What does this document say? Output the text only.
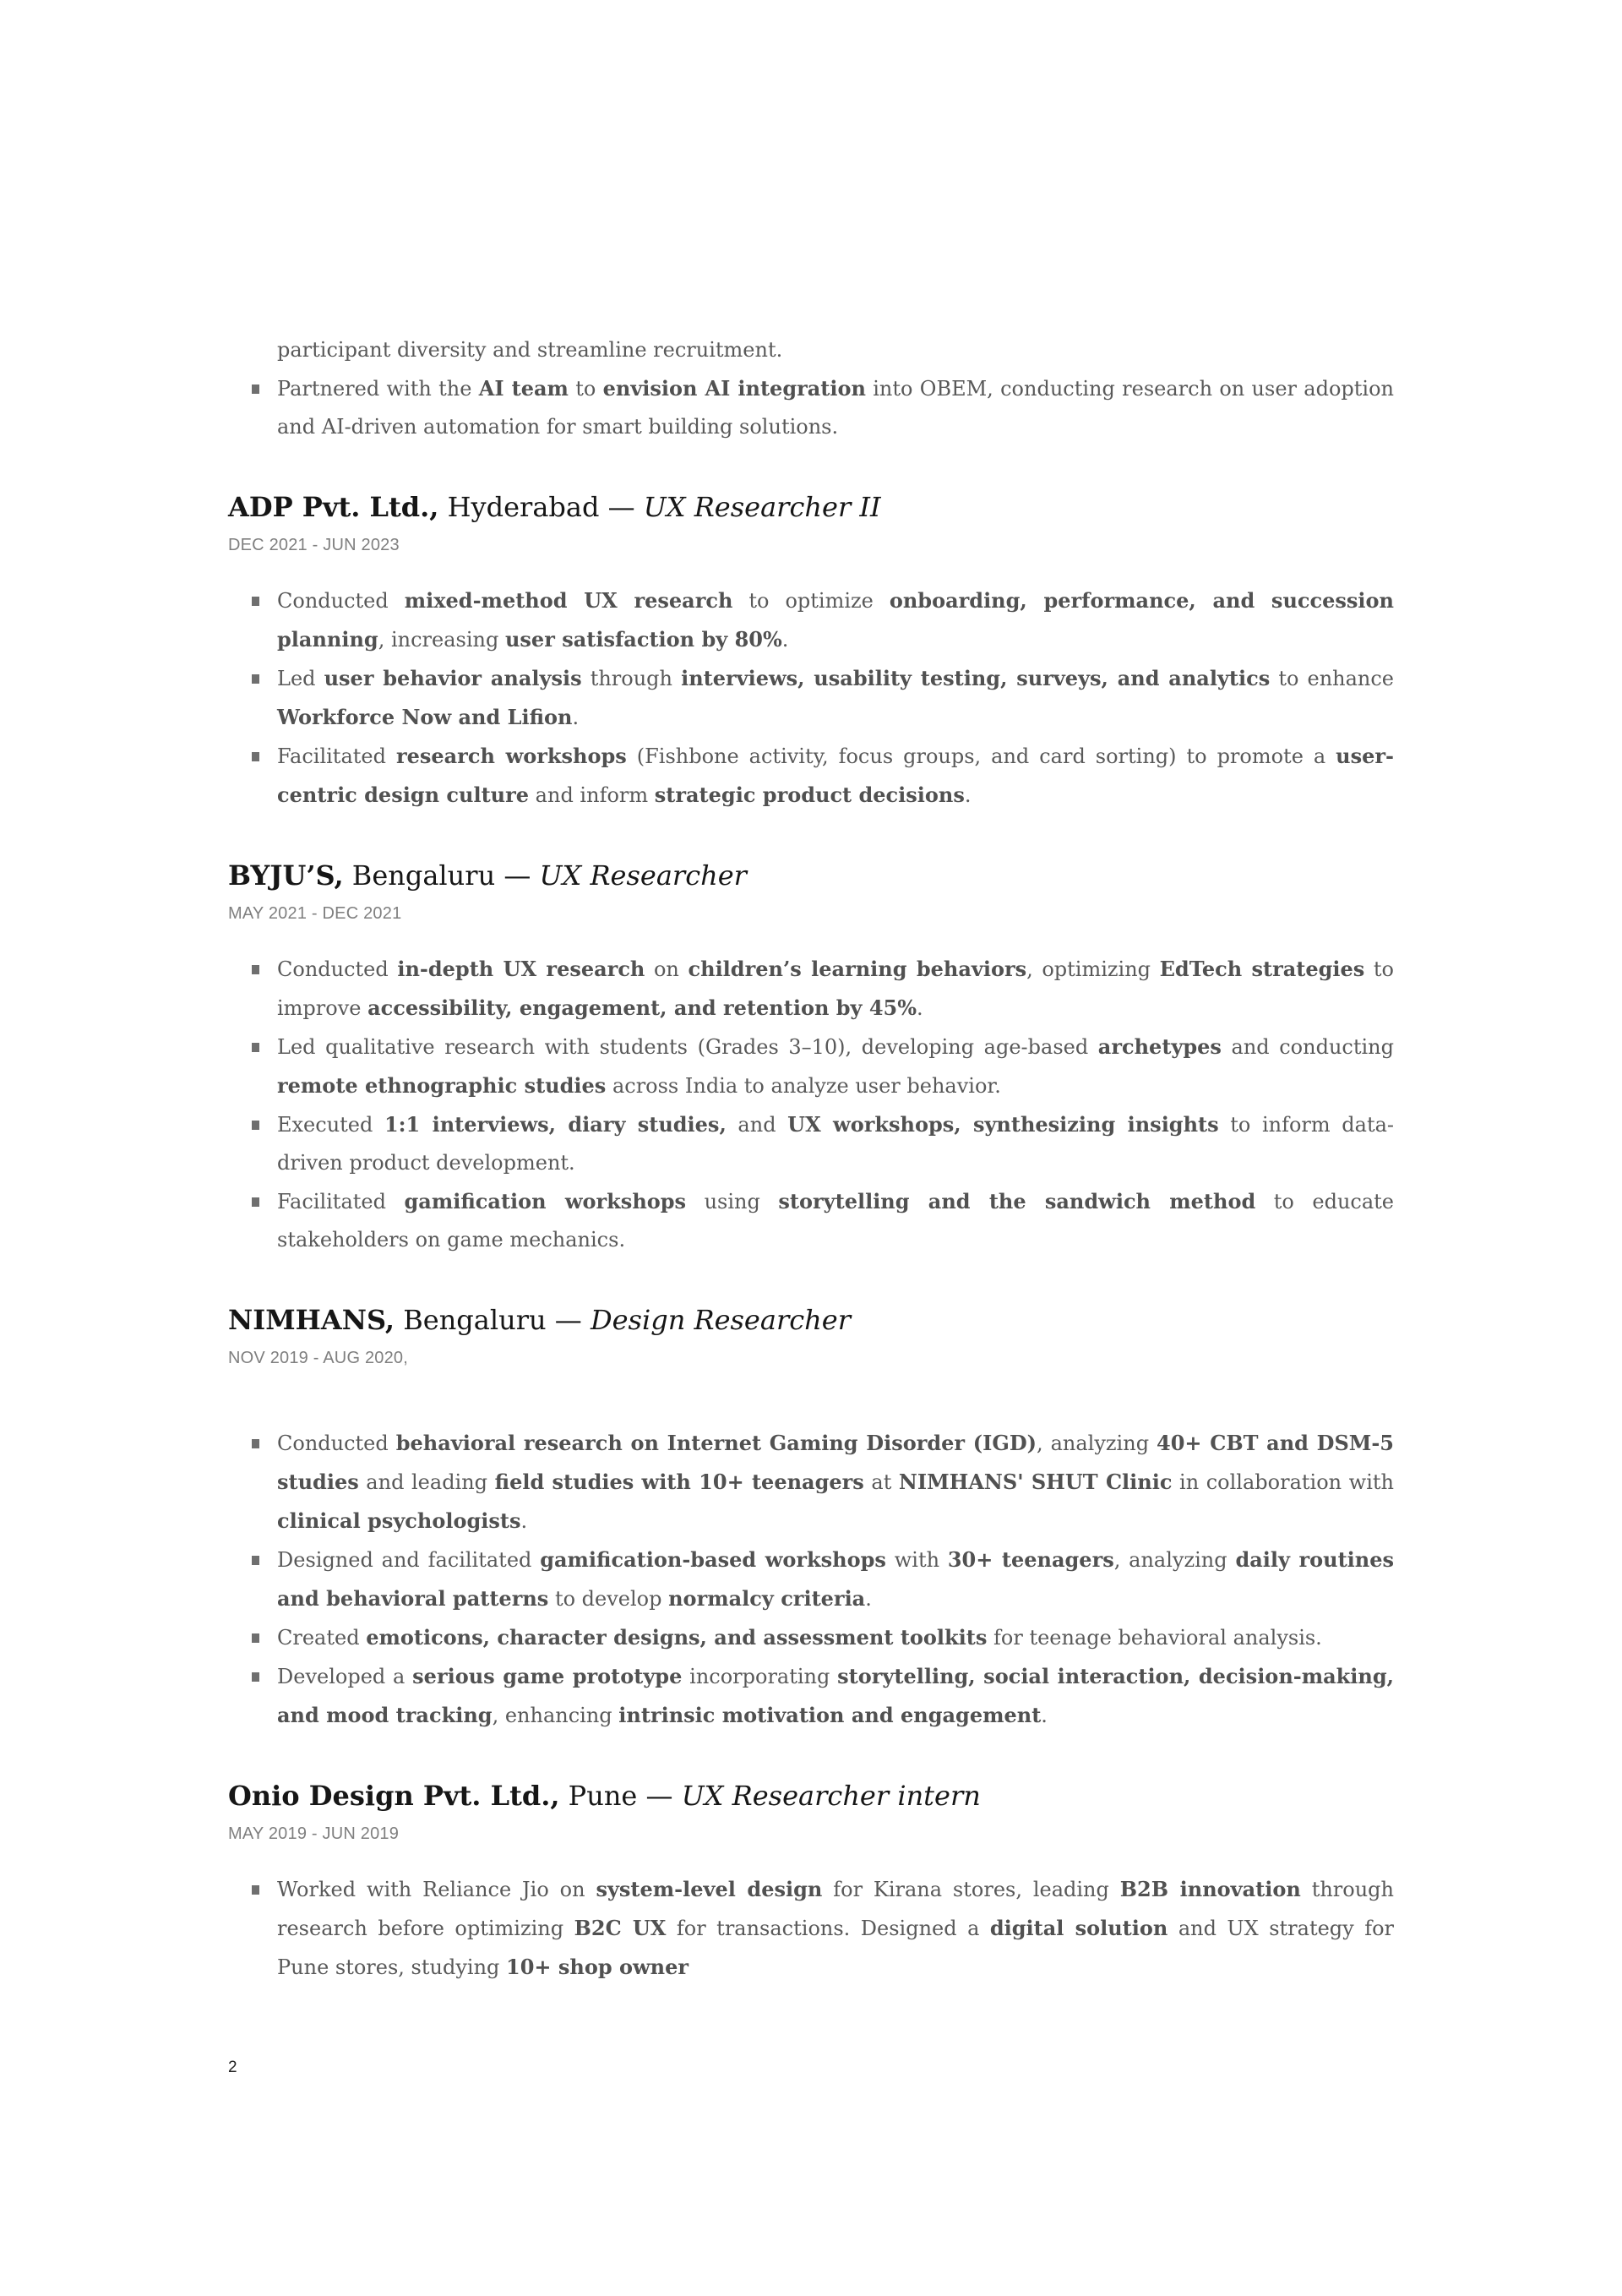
participant diversity and streamline recruitment.

Partnered with the AI team to envision AI integration into OBEM, conducting research on user adoption and AI-driven automation for smart building solutions.
ADP Pvt. Ltd., Hyderabad — UX Researcher II

DEC 2021 - JUN 2023

Conducted mixed-method UX research to optimize onboarding, performance, and succession planning, increasing user satisfaction by 80%.
Led user behavior analysis through interviews, usability testing, surveys, and analytics to enhance Workforce Now and Lifion.
Facilitated research workshops (Fishbone activity, focus groups, and card sorting) to promote a user-centric design culture and inform strategic product decisions.
BYJU’S, Bengaluru — UX Researcher

MAY 2021 - DEC 2021

Conducted in-depth UX research on children’s learning behaviors, optimizing EdTech strategies to improve accessibility, engagement, and retention by 45%.
Led qualitative research with students (Grades 3–10), developing age-based archetypes and conducting remote ethnographic studies across India to analyze user behavior.
Executed 1:1 interviews, diary studies, and UX workshops, synthesizing insights to inform data-driven product development.
Facilitated gamification workshops using storytelling and the sandwich method to educate stakeholders on game mechanics.
NIMHANS, Bengaluru — Design Researcher

NOV 2019 - AUG 2020,

Conducted behavioral research on Internet Gaming Disorder (IGD), analyzing 40+ CBT and DSM-5 studies and leading field studies with 10+ teenagers at NIMHANS' SHUT Clinic in collaboration with clinical psychologists.
Designed and facilitated gamification-based workshops with 30+ teenagers, analyzing daily routines and behavioral patterns to develop normalcy criteria.
Created emoticons, character designs, and assessment toolkits for teenage behavioral analysis.
Developed a serious game prototype incorporating storytelling, social interaction, decision-making, and mood tracking, enhancing intrinsic motivation and engagement.
Onio Design Pvt. Ltd., Pune — UX Researcher intern

MAY 2019 - JUN 2019

Worked with Reliance Jio on system-level design for Kirana stores, leading B2B innovation through research before optimizing B2C UX for transactions. Designed a digital solution and UX strategy for Pune stores, studying 10+ shop owner
2
